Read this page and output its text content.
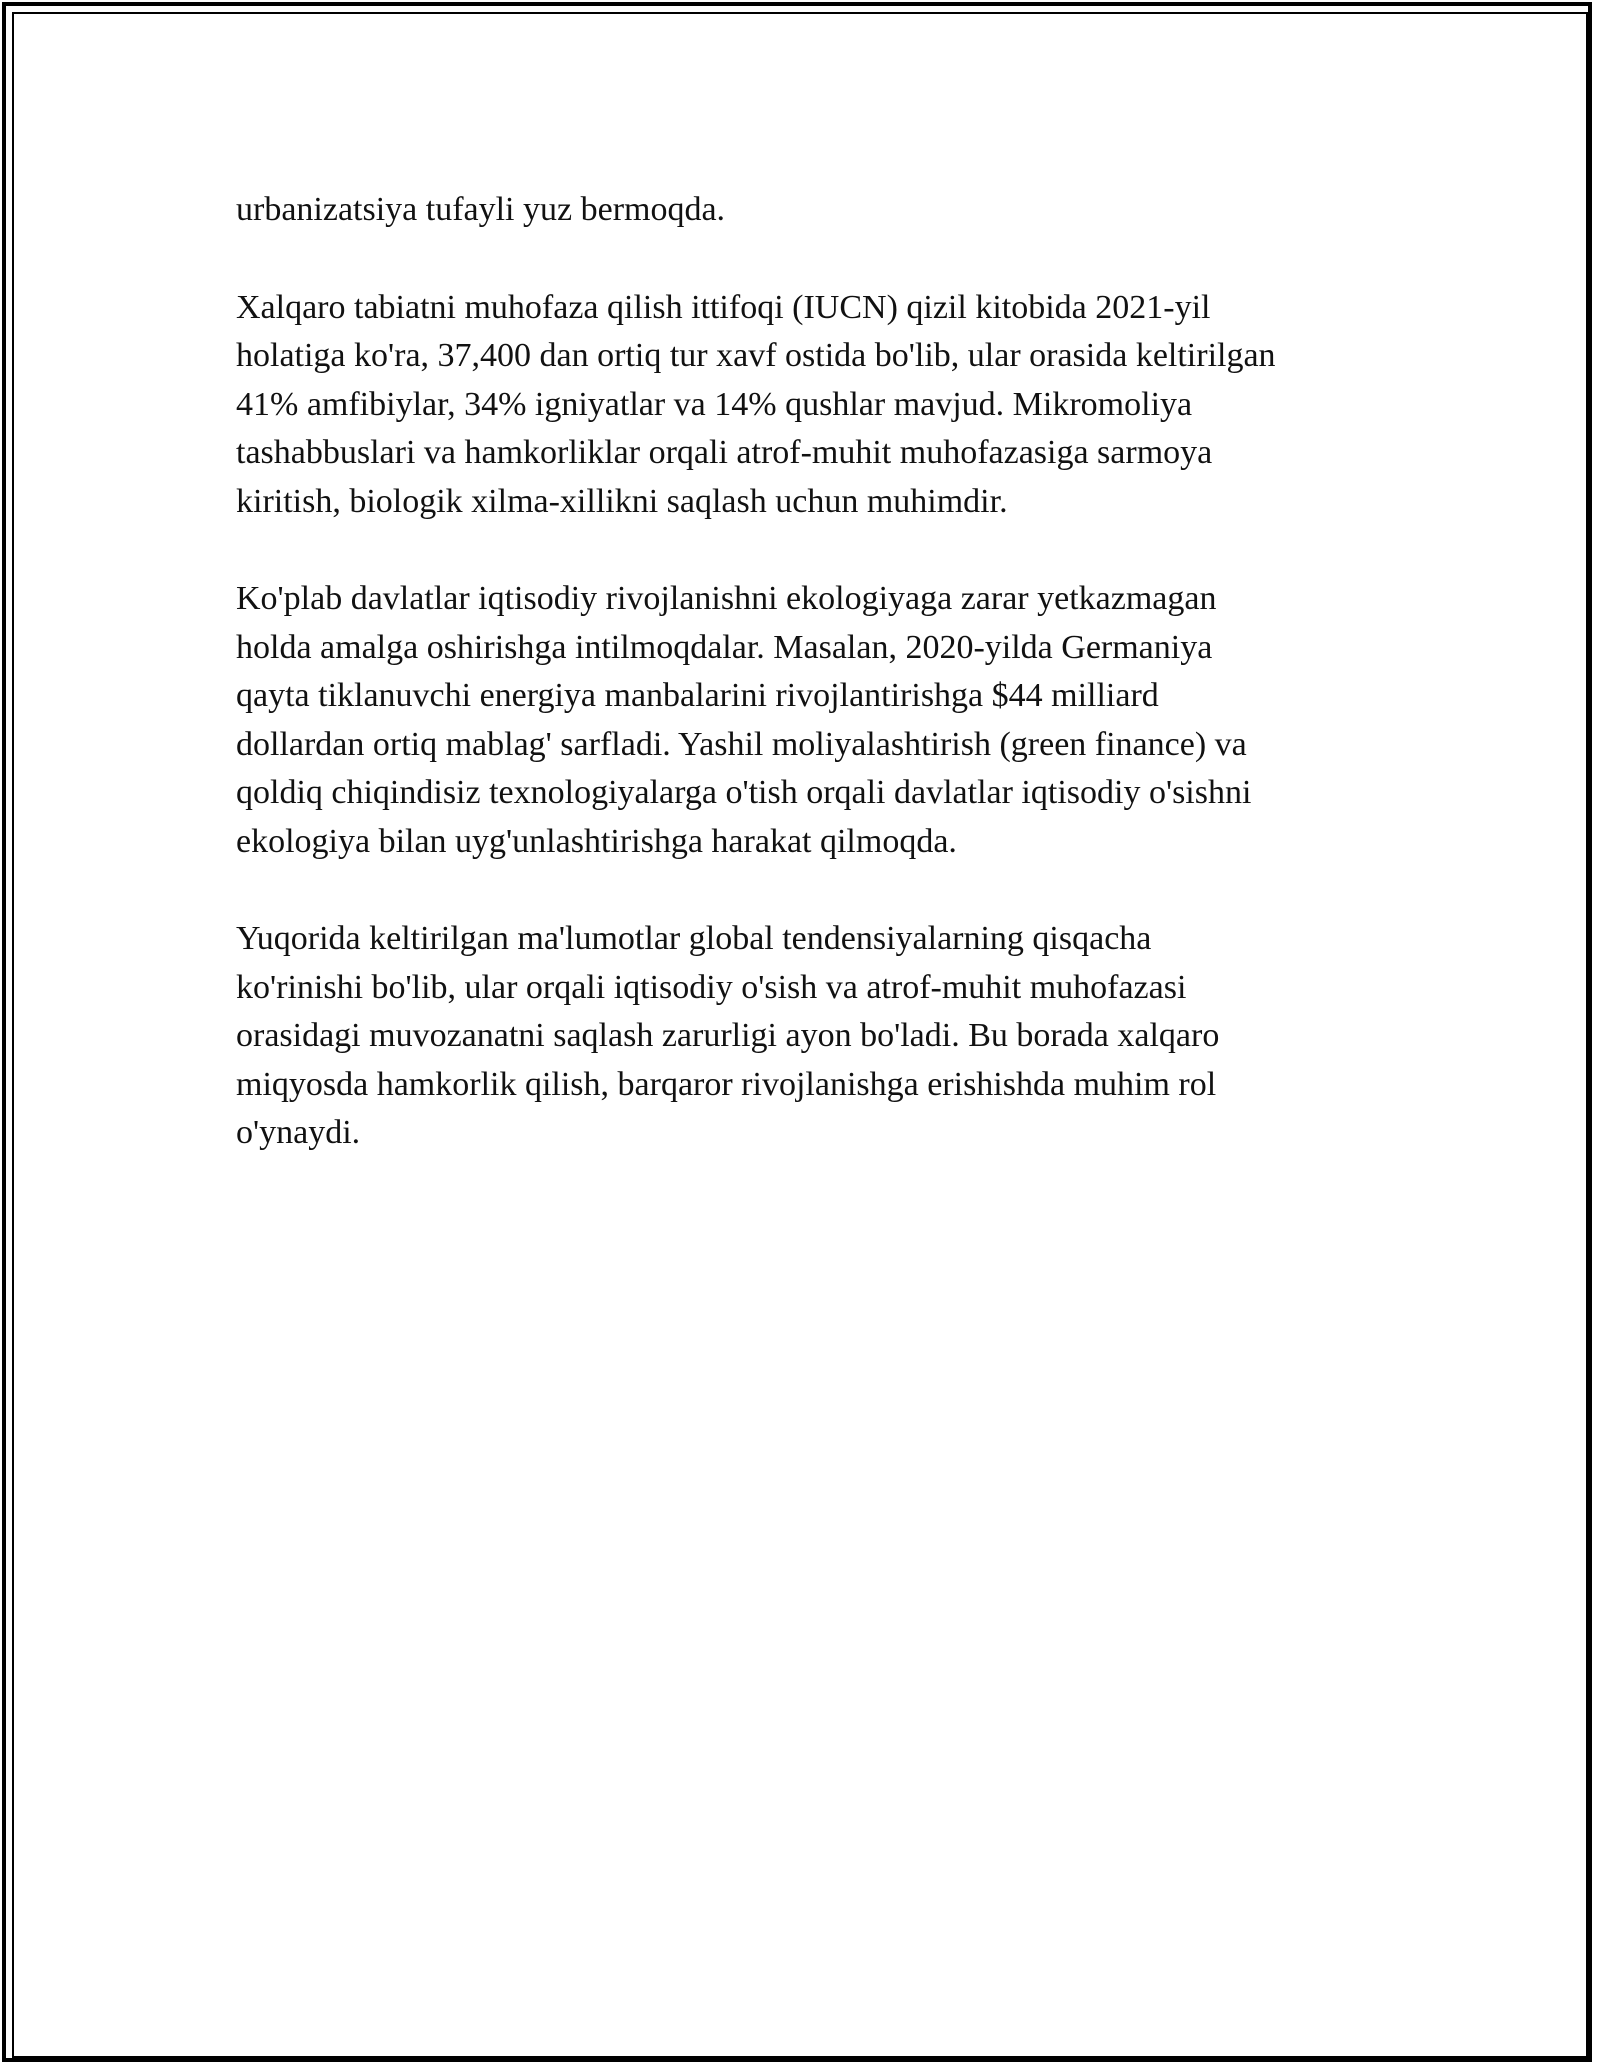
urbanizatsiya tufayli yuz bermoqda.

Xalqaro tabiatni muhofaza qilish ittifoqi (IUCN) qizil kitobida 2021-yil
holatiga ko'ra, 37,400 dan ortiq tur xavf ostida bo'lib, ular orasida keltirilgan
41% amfibiylar, 34% igniyatlar va 14% qushlar mavjud. Mikromoliya
tashabbuslari va hamkorliklar orqali atrof-muhit muhofazasiga sarmoya
kiritish, biologik xilma-xillikni saqlash uchun muhimdir.

Ko'plab davlatlar iqtisodiy rivojlanishni ekologiyaga zarar yetkazmagan
holda amalga oshirishga intilmoqdalar. Masalan, 2020-yilda Germaniya
qayta tiklanuvchi energiya manbalarini rivojlantirishga $44 milliard
dollardan ortiq mablag' sarfladi. Yashil moliyalashtirish (green finance) va
qoldiq chiqindisiz texnologiyalarga o'tish orqali davlatlar iqtisodiy o'sishni
ekologiya bilan uyg'unlashtirishga harakat qilmoqda.

Yuqorida keltirilgan ma'lumotlar global tendensiyalarning qisqacha
ko'rinishi bo'lib, ular orqali iqtisodiy o'sish va atrof-muhit muhofazasi
orasidagi muvozanatni saqlash zarurligi ayon bo'ladi. Bu borada xalqaro
miqyosda hamkorlik qilish, barqaror rivojlanishga erishishda muhim rol
o'ynaydi.
